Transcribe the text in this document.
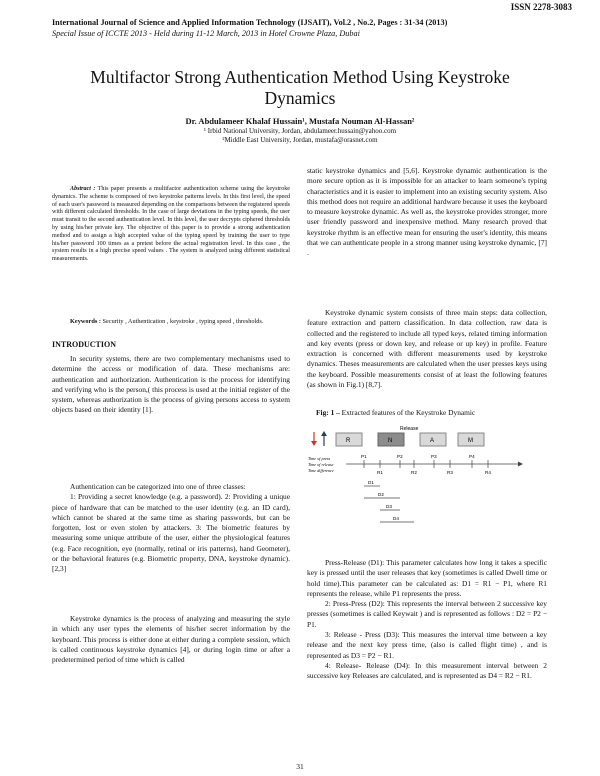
ISSN 2278-3083
International Journal of Science and Applied Information Technology (IJSAIT), Vol.2 , No.2, Pages : 31-34 (2013)
Special Issue of ICCTE 2013 - Held during 11-12 March, 2013 in Hotel Crowne Plaza, Dubai
Multifactor Strong Authentication Method Using Keystroke Dynamics
Dr. Abdulameer Khalaf Hussain¹, Mustafa Nouman Al-Hassan²
¹ Irbid National University, Jordan, abdulameer.hussain@yahoo.com
²Middle East University, Jordan, mustafa@orasnet.com

Abstract : This paper presents a multifactor authentication scheme using the keystroke dynamics. The scheme is composed of two keystroke patterns levels. In this first level, the speed of each user's password is measured depending on the comparisons between the registered speeds with different calculated thresholds. In the case of large deviations in the typing speeds, the user must transit to the second authentication level. In this level, the user decrypts ciphered thresholds by using his/her private key. The objective of this paper is to provide a strong authentication method and to assign a high accepted value of the typing speed by training the user to type his/her password 100 times as a pretest before the actual registration level. In this case , the system results in a high precise speed values . The system is analyzed using different statistical measurements.

Keywords : Security , Authentication , keystroke , typing speed , thresholds.

INTRODUCTION

In security systems, there are two complementary mechanisms used to determine the access or modification of data. These mechanisms are: authentication and authorization. Authentication is the process for identifying and verifying who is the person,( this process is used at the initial register of the system, whereas authorization is the process of giving persons access to system objects based on their identity [1].

Authentication can be categorized into one of three classes:

1: Providing a secret knowledge (e.g. a password). 2: Providing a unique piece of hardware that can be matched to the user identity (e.g. an ID card), which cannot be shared at the same time as sharing passwords, but can be forgotten, lost or even stolen by attackers. 3: The biometric features by measuring some unique attribute of the user, either the physiological features (e.g. Face recognition, eye (normally, retinal or iris patterns), hand Geometer), or the behavioral features (e.g. Biometric property, DNA, keystroke dynamic).[2,3]

Keystroke dynamics is the process of analyzing and measuring the style in which any user types the elements of his/her secret information by the keyboard. This process is either done at either during a complete session, which is called continuous keystroke dynamics [4], or during login time or after a predetermined period of time which is called

static keystroke dynamics and [5,6]. Keystroke dynamic authentication is the more secure option as it is impossible for an attacker to learn someone's typing characteristics and it is easier to implement into an existing security system. Also this method does not require an additional hardware because it uses the keyboard to measure keystroke dynamic. As well as, the keystroke provides stronger, more user friendly password and inexpensive method. Many research proved that keystroke rhythm is an effective mean for ensuring the user's identity, this means that we can authenticate people in a strong manner using keystroke dynamic, [7] .

Keystroke dynamic system consists of three main steps: data collection, feature extraction and pattern classification. In data collection, raw data is collected and the registered to include all typed keys, related timing information and key events (press or down key, and release or up key) in profile. Feature extraction is concerned with different measurements used by keystroke dynamics. Theses measurements are calculated when the user presses keys using the keyboard. Possible measurements consist of at least the following features (as shown in Fig.1) [8,7].

Fig: 1 – Extracted features of the Keystroke Dynamic
Release
R	N	A	M
Time of press
Time of release
Time difference
P1
R1
P2
R2
P3
R3
P4
R4
D1
D2
D3
D4

Press-Release (D1): This parameter calculates how long it takes a specific key is pressed until the user releases that key (sometimes is called Dwell time or hold time).This parameter can be calculated as: D1 = R1 − P1, where R1 represents the release, while P1 represents the press.

2: Press-Press (D2): This represents the interval between 2 successive key presses (sometimes is called Keywait ) and is represented as follows : D2 = P2 − P1.

3: Release - Press (D3): This measures the interval time between a key release and the next key press time, (also is called flight time) , and is represented as D3 = P2 − R1.

4: Release- Release (D4): In this measurement interval between 2 successive key Releases are calculated, and is represented as D4 = R2 − R1.

31
